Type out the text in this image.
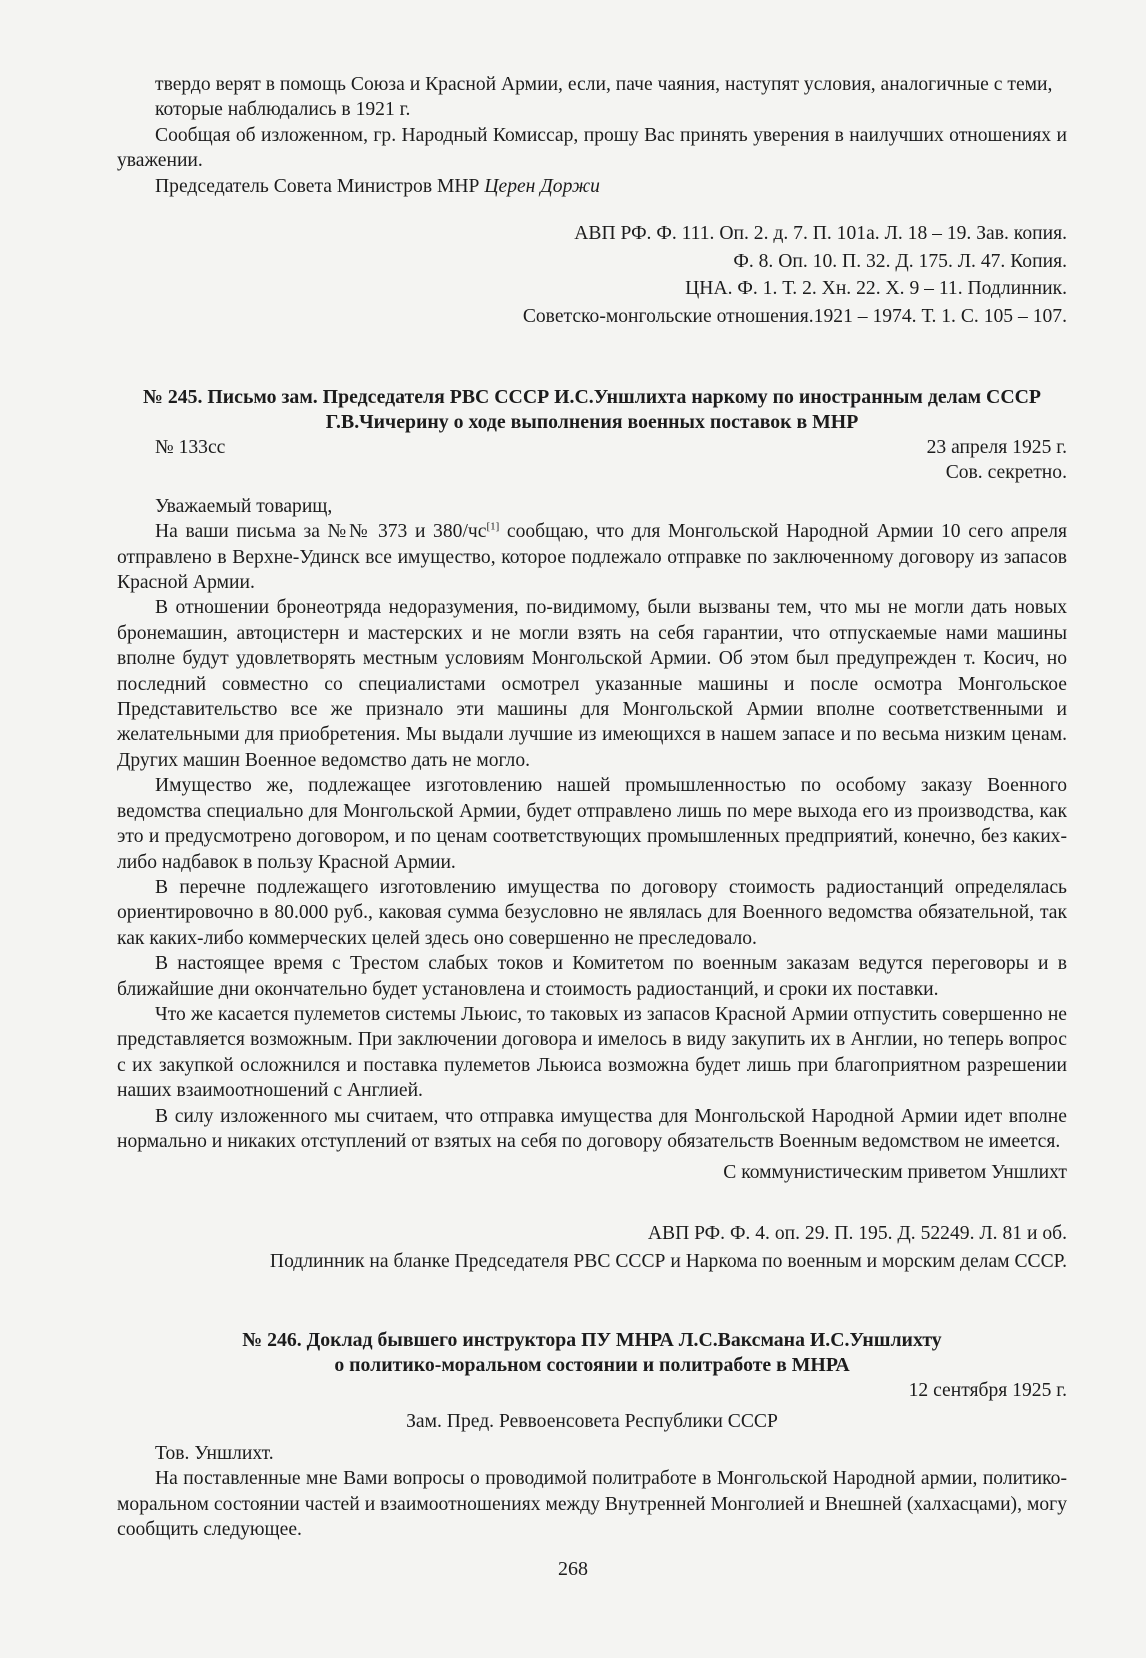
твердо верят в помощь Союза и Красной Армии, если, паче чаяния, наступят условия, аналогичные с теми, которые наблюдались в 1921 г.

Сообщая об изложенном, гр. Народный Комиссар, прошу Вас принять уверения в наилучших отношениях и уважении.

Председатель Совета Министров МНР Церен Доржи

АВП РФ. Ф. 111. Оп. 2. д. 7. П. 101а. Л. 18 – 19. Зав. копия.

Ф. 8. Оп. 10. П. 32. Д. 175. Л. 47. Копия.

ЦНА. Ф. 1. Т. 2. Хн. 22. Х. 9 – 11. Подлинник.

Советско-монгольские отношения.1921 – 1974. Т. 1. С. 105 – 107.

№ 245. Письмо зам. Председателя РВС СССР И.С.Уншлихта наркому по иностранным делам СССР

Г.В.Чичерину о ходе выполнения военных поставок в МНР

№ 133сс	23 апреля 1925 г.

Сов. секретно.

Уважаемый товарищ,

На ваши письма за №№ 373 и 380/чс[1] сообщаю, что для Монгольской Народной Армии 10 сего апреля отправлено в Верхне-Удинск все имущество, которое подлежало отправке по заключенному договору из запасов Красной Армии.

В отношении бронеотряда недоразумения, по-видимому, были вызваны тем, что мы не могли дать новых бронемашин, автоцистерн и мастерских и не могли взять на себя гарантии, что отпускаемые нами машины вполне будут удовлетворять местным условиям Монгольской Армии. Об этом был предупрежден т. Косич, но последний совместно со специалистами осмотрел указанные машины и после осмотра Монгольское Представительство все же признало эти машины для Монгольской Армии вполне соответственными и желательными для приобретения. Мы выдали лучшие из имеющихся в нашем запасе и по весьма низким ценам. Других машин Военное ведомство дать не могло.

Имущество же, подлежащее изготовлению нашей промышленностью по особому заказу Военного ведомства специально для Монгольской Армии, будет отправлено лишь по мере выхода его из производства, как это и предусмотрено договором, и по ценам соответствующих промышленных предприятий, конечно, без каких-либо надбавок в пользу Красной Армии.

В перечне подлежащего изготовлению имущества по договору стоимость радиостанций определялась ориентировочно в 80.000 руб., каковая сумма безусловно не являлась для Военного ведомства обязательной, так как каких-либо коммерческих целей здесь оно совершенно не преследовало.

В настоящее время с Трестом слабых токов и Комитетом по военным заказам ведутся переговоры и в ближайшие дни окончательно будет установлена и стоимость радиостанций, и сроки их поставки.

Что же касается пулеметов системы Льюис, то таковых из запасов Красной Армии отпустить совершенно не представляется возможным. При заключении договора и имелось в виду закупить их в Англии, но теперь вопрос с их закупкой осложнился и поставка пулеметов Льюиса возможна будет лишь при благоприятном разрешении наших взаимоотношений с Англией.

В силу изложенного мы считаем, что отправка имущества для Монгольской Народной Армии идет вполне нормально и никаких отступлений от взятых на себя по договору обязательств Военным ведомством не имеется.

С коммунистическим приветом Уншлихт

АВП РФ. Ф. 4. оп. 29. П. 195. Д. 52249. Л. 81 и об.

Подлинник на бланке Председателя РВС СССР и Наркома по военным и морским делам СССР.

№ 246. Доклад бывшего инструктора ПУ МНРА Л.С.Ваксмана И.С.Уншлихту

о политико-моральном состоянии и политработе в МНРА

12 сентября 1925 г.

Зам. Пред. Реввоенсовета Республики СССР

Тов. Уншлихт.

На поставленные мне Вами вопросы о проводимой политработе в Монгольской Народной армии, политико-моральном состоянии частей и взаимоотношениях между Внутренней Монголией и Внешней (халхасцами), могу сообщить следующее.

268
